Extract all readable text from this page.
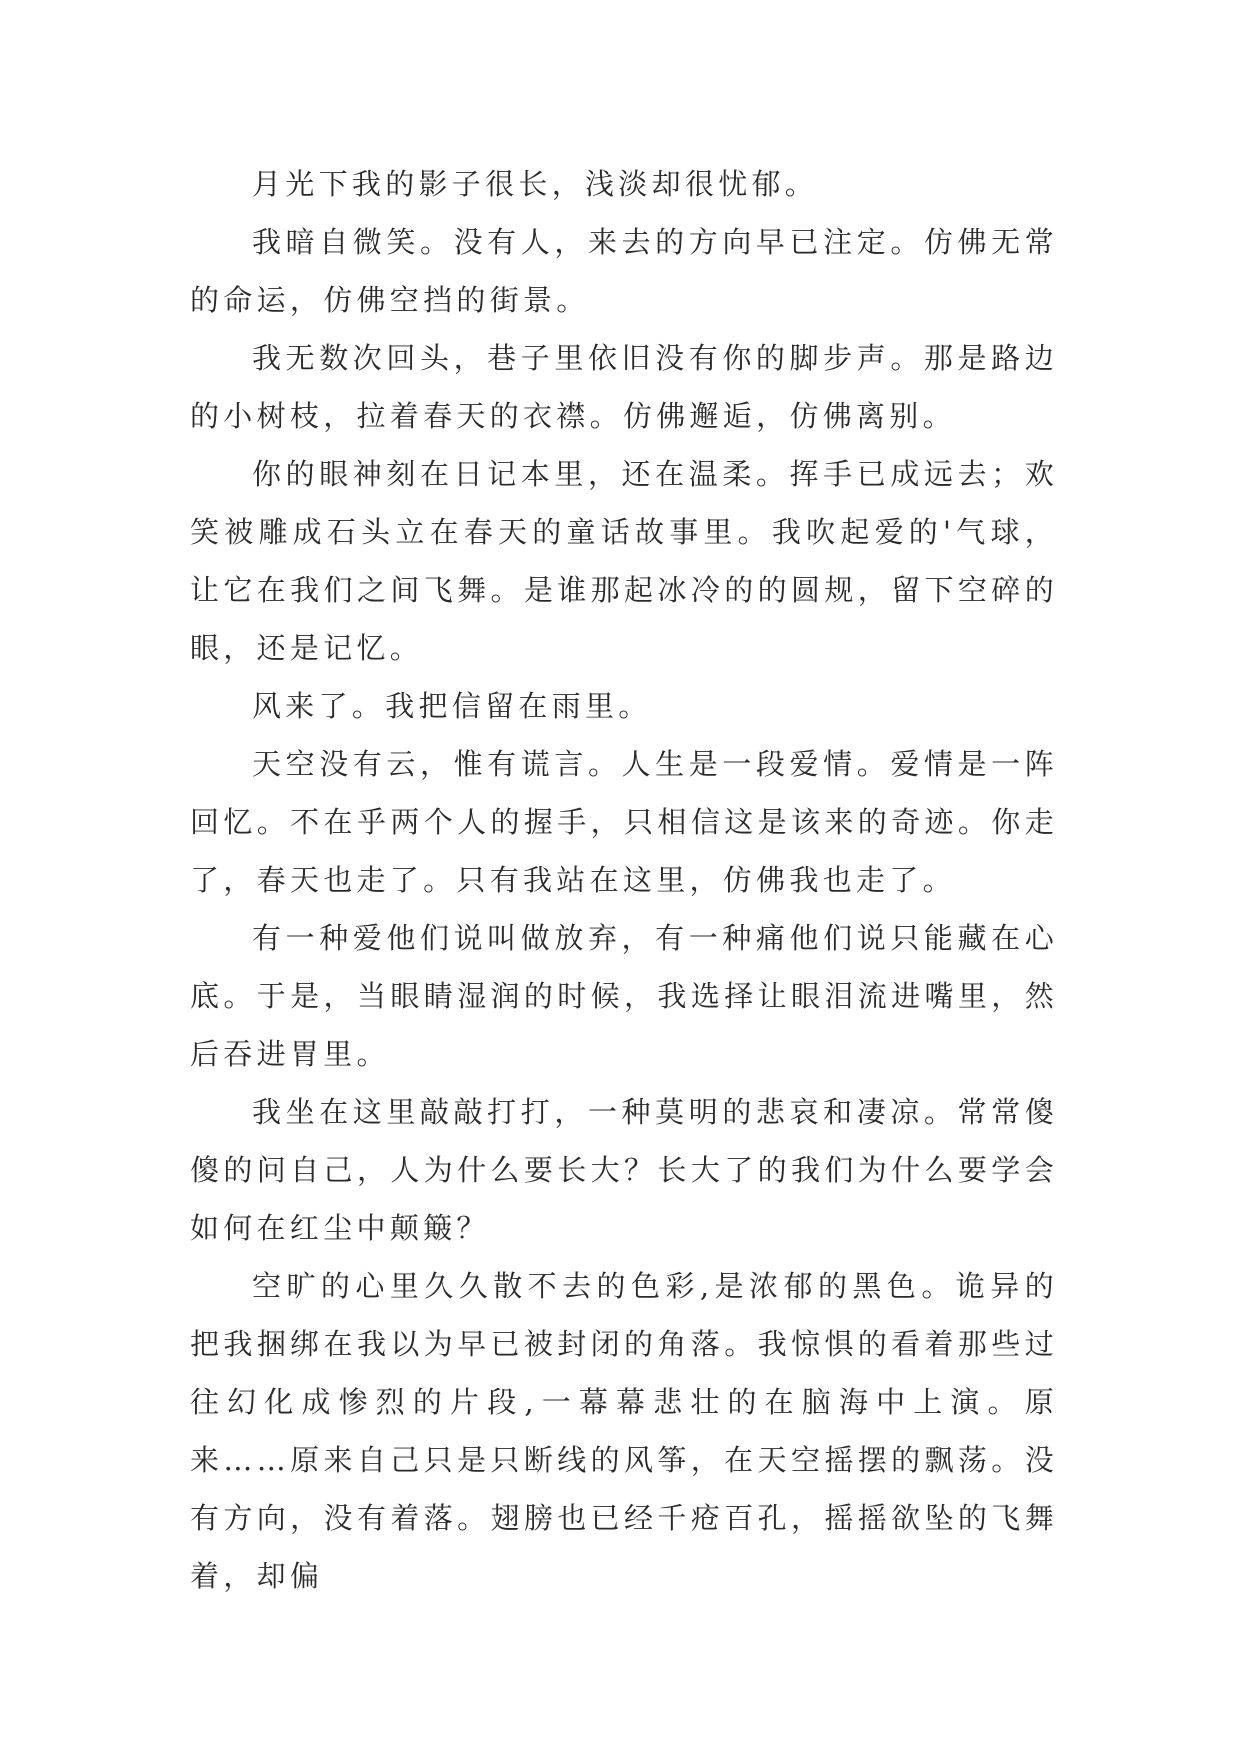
月光下我的影子很长，浅淡却很忧郁。

我暗自微笑。没有人，来去的方向早已注定。仿佛无常的命运，仿佛空挡的街景。

我无数次回头，巷子里依旧没有你的脚步声。那是路边的小树枝，拉着春天的衣襟。仿佛邂逅，仿佛离别。

你的眼神刻在日记本里，还在温柔。挥手已成远去；欢笑被雕成石头立在春天的童话故事里。我吹起爱的'气球，让它在我们之间飞舞。是谁那起冰冷的的圆规，留下空碎的眼，还是记忆。

风来了。我把信留在雨里。

天空没有云，惟有谎言。人生是一段爱情。爱情是一阵回忆。不在乎两个人的握手，只相信这是该来的奇迹。你走了，春天也走了。只有我站在这里，仿佛我也走了。

有一种爱他们说叫做放弃，有一种痛他们说只能藏在心底。于是，当眼睛湿润的时候，我选择让眼泪流进嘴里，然后吞进胃里。

我坐在这里敲敲打打，一种莫明的悲哀和凄凉。常常傻傻的问自己，人为什么要长大？长大了的我们为什么要学会如何在红尘中颠簸？

空旷的心里久久散不去的色彩,是浓郁的黑色。诡异的把我捆绑在我以为早已被封闭的角落。我惊惧的看着那些过往幻化成惨烈的片段,一幕幕悲壮的在脑海中上演。原来……原来自己只是只断线的风筝，在天空摇摆的飘荡。没有方向，没有着落。翅膀也已经千疮百孔，摇摇欲坠的飞舞着，却偏
